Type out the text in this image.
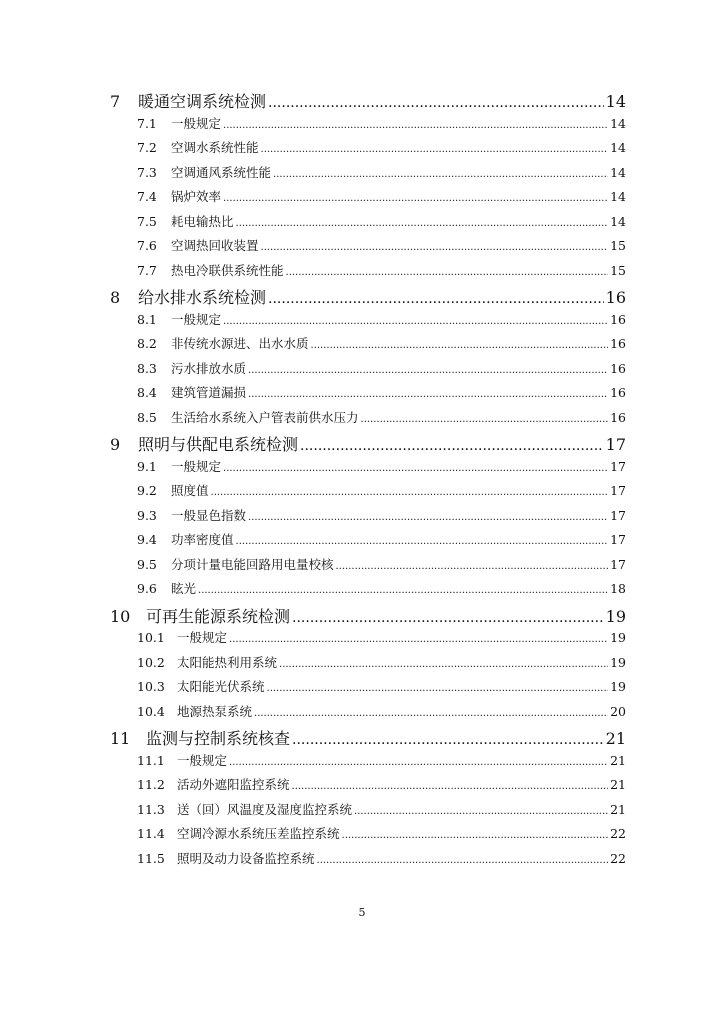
7	暖通空调系统检测 .....	14
7.1	一般规定 .....	14
7.2	空调水系统性能 .....	14
7.3	空调通风系统性能 .....	14
7.4	锅炉效率 .....	14
7.5	耗电输热比 .....	14
7.6	空调热回收装置 .....	15
7.7	热电冷联供系统性能 .....	15
8	给水排水系统检测 .....	16
8.1	一般规定 .....	16
8.2	非传统水源进、出水水质 .....	16
8.3	污水排放水质 .....	16
8.4	建筑管道漏损 .....	16
8.5	生活给水系统入户管表前供水压力 .....	16
9	照明与供配电系统检测 .....	17
9.1	一般规定 .....	17
9.2	照度值 .....	17
9.3	一般显色指数 .....	17
9.4	功率密度值 .....	17
9.5	分项计量电能回路用电量校核 .....	17
9.6	眩光 .....	18
10 可再生能源系统检测 .....	19
10.1 一般规定 .....	19
10.2 太阳能热利用系统 .....	19
10.3 太阳能光伏系统 .....	19
10.4 地源热泵系统 .....	20
11 监测与控制系统核查 .....	21
11.1 一般规定 .....	21
11.2 活动外遮阳监控系统 .....	21
11.3 送（回）风温度及湿度监控系统 .....	21
11.4 空调冷源水系统压差监控系统 .....	22
11.5 照明及动力设备监控系统 .....	22
5
